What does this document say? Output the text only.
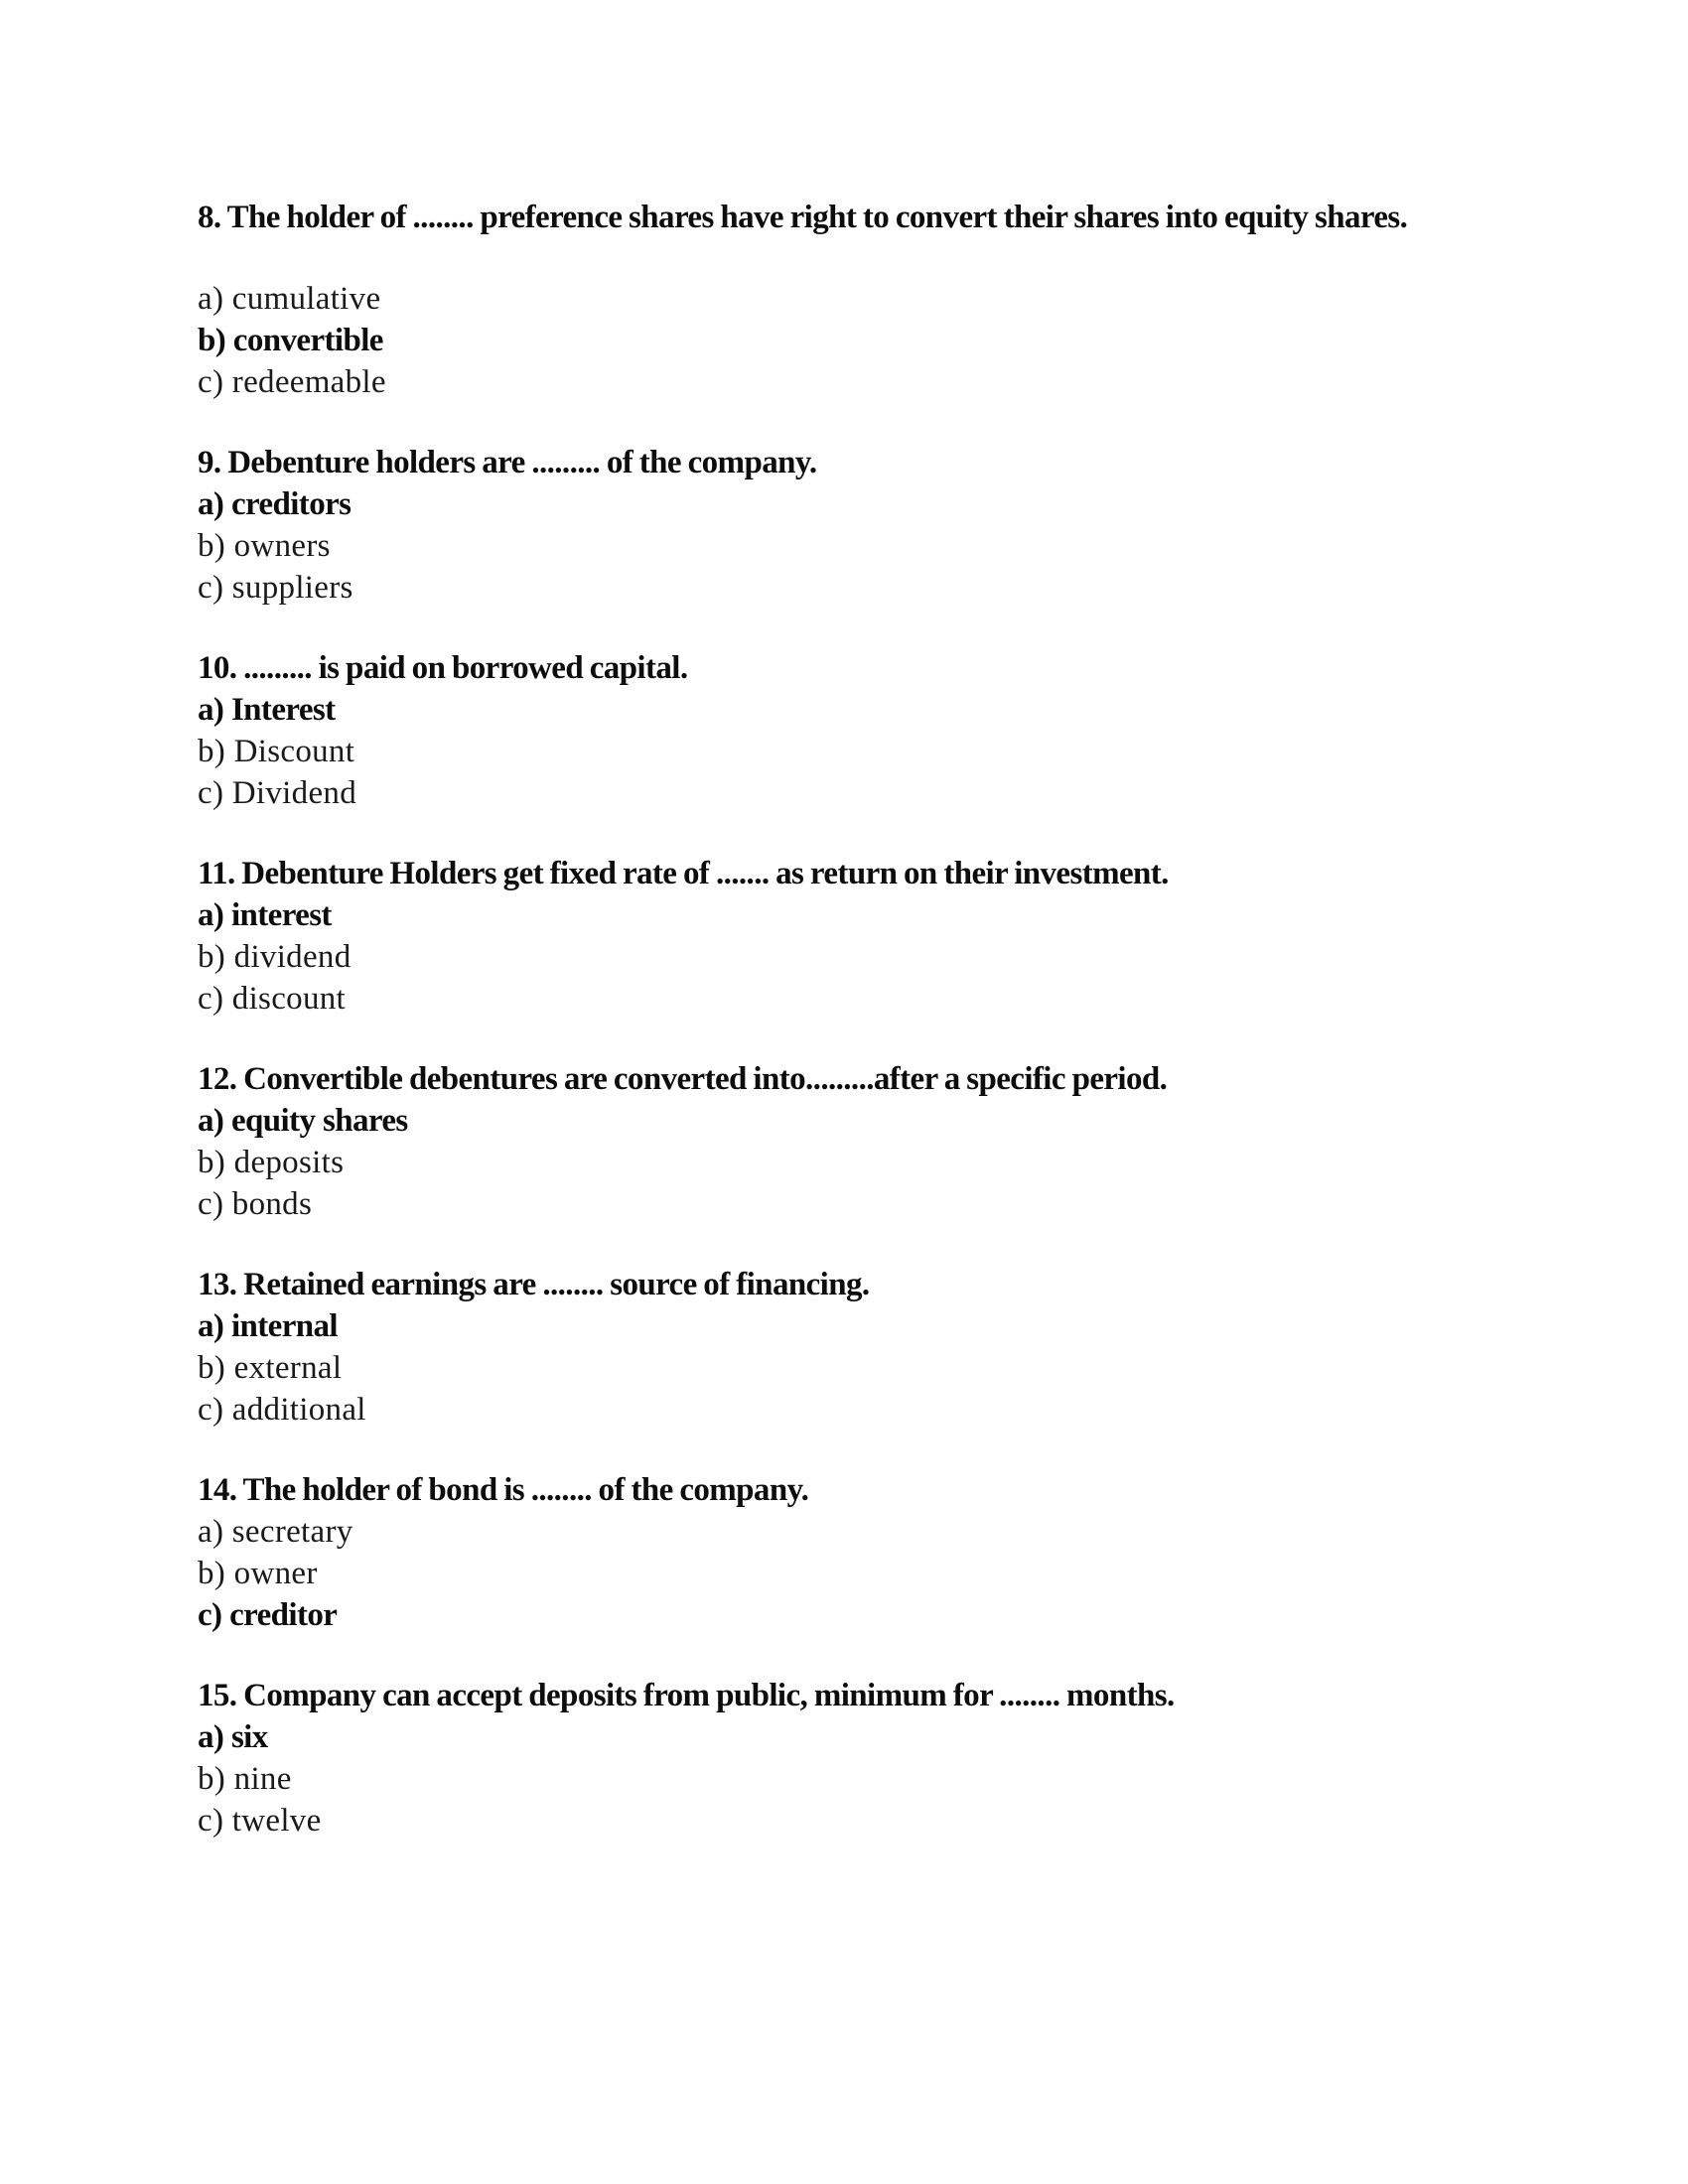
8. The holder of ........ preference shares have right to convert their shares into equity shares.

a) cumulative
b) convertible
c) redeemable

9. Debenture holders are ......... of the company.

a) creditors
b) owners
c) suppliers

10. ......... is paid on borrowed capital.

a) Interest
b) Discount
c) Dividend

11. Debenture Holders get fixed rate of ....... as return on their investment.

a) interest
b) dividend
c) discount

12. Convertible debentures are converted into.........after a specific period.

a) equity shares
b) deposits
c) bonds

13. Retained earnings are ........ source of financing.

a) internal
b) external
c) additional

14. The holder of bond is ........ of the company.

a) secretary
b) owner
c) creditor

15. Company can accept deposits from public, minimum for ........ months.

a) six
b) nine
c) twelve
